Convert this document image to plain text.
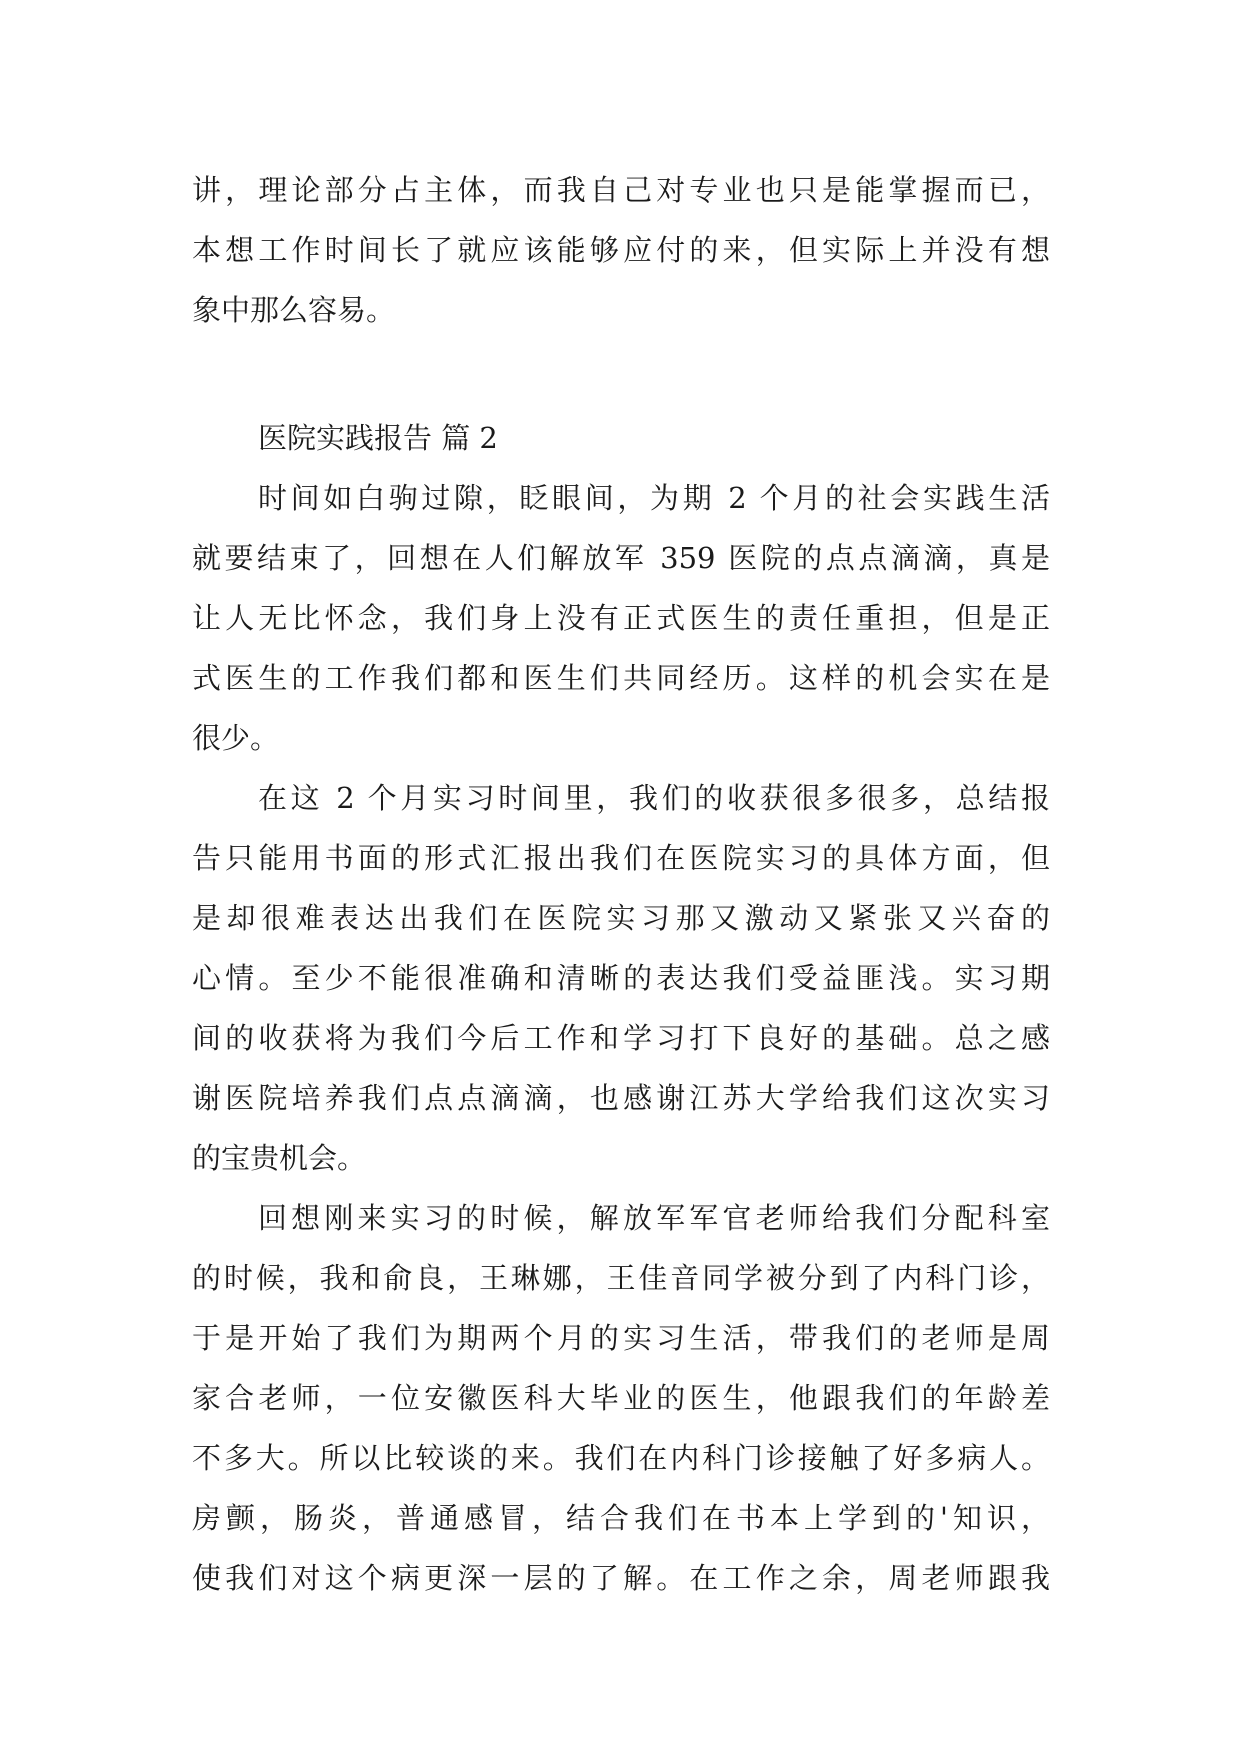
讲，理论部分占主体，而我自己对专业也只是能掌握而已，
本想工作时间长了就应该能够应付的来，但实际上并没有想
象中那么容易。
医院实践报告 篇 2
时间如白驹过隙，眨眼间，为期 2 个月的社会实践生活
就要结束了，回想在人们解放军 359 医院的点点滴滴，真是
让人无比怀念，我们身上没有正式医生的责任重担，但是正
式医生的工作我们都和医生们共同经历。这样的机会实在是
很少。
在这 2 个月实习时间里，我们的收获很多很多，总结报
告只能用书面的形式汇报出我们在医院实习的具体方面，但
是却很难表达出我们在医院实习那又激动又紧张又兴奋的
心情。至少不能很准确和清晰的表达我们受益匪浅。实习期
间的收获将为我们今后工作和学习打下良好的基础。总之感
谢医院培养我们点点滴滴，也感谢江苏大学给我们这次实习
的宝贵机会。
回想刚来实习的时候，解放军军官老师给我们分配科室
的时候，我和俞良，王琳娜，王佳音同学被分到了内科门诊，
于是开始了我们为期两个月的实习生活，带我们的老师是周
家合老师，一位安徽医科大毕业的医生，他跟我们的年龄差
不多大。所以比较谈的来。我们在内科门诊接触了好多病人。
房颤，肠炎，普通感冒，结合我们在书本上学到的'知识，
使我们对这个病更深一层的了解。在工作之余，周老师跟我
